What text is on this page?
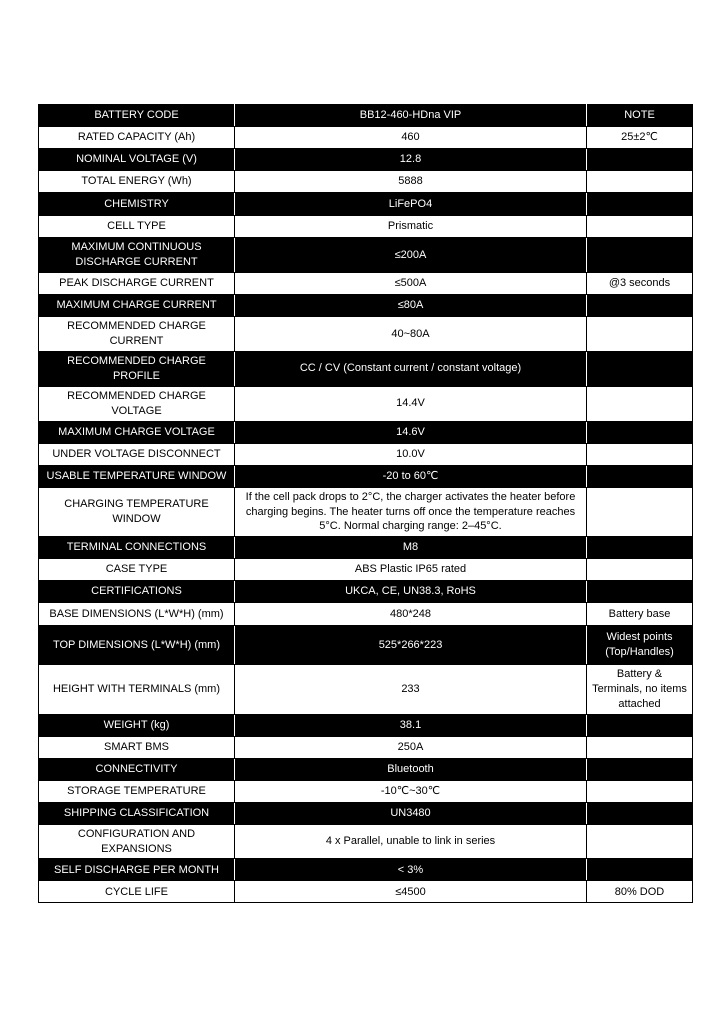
BATTERY CODE	BB12-460-HDna VIP	NOTE
RATED CAPACITY (Ah)	460	25±2℃
NOMINAL VOLTAGE (V)	12.8	
TOTAL ENERGY (Wh)	5888	
CHEMISTRY	LiFePO4	
CELL TYPE	Prismatic	
MAXIMUM CONTINUOUS DISCHARGE CURRENT	≤200A	
PEAK DISCHARGE CURRENT	≤500A	@3 seconds
MAXIMUM CHARGE CURRENT	≤80A	
RECOMMENDED CHARGE CURRENT	40~80A	
RECOMMENDED CHARGE PROFILE	CC / CV (Constant current / constant voltage)	
RECOMMENDED CHARGE VOLTAGE	14.4V	
MAXIMUM CHARGE VOLTAGE	14.6V	
UNDER VOLTAGE DISCONNECT	10.0V	
USABLE TEMPERATURE WINDOW	-20 to 60℃	
CHARGING TEMPERATURE WINDOW	If the cell pack drops to 2°C, the charger activates the heater before charging begins. The heater turns off once the temperature reaches 5°C. Normal charging range: 2–45°C.	
TERMINAL CONNECTIONS	M8	
CASE TYPE	ABS Plastic IP65 rated	
CERTIFICATIONS	UKCA, CE, UN38.3, RoHS	
BASE DIMENSIONS (L*W*H) (mm)	480*248	Battery base
TOP DIMENSIONS (L*W*H) (mm)	525*266*223	Widest points (Top/Handles)
HEIGHT WITH TERMINALS (mm)	233	Battery & Terminals, no items attached
WEIGHT (kg)	38.1	
SMART BMS	250A	
CONNECTIVITY	Bluetooth	
STORAGE TEMPERATURE	-10℃~30℃	
SHIPPING CLASSIFICATION	UN3480	
CONFIGURATION AND EXPANSIONS	4 x Parallel, unable to link in series	
SELF DISCHARGE PER MONTH	< 3%	
CYCLE LIFE	≤4500	80% DOD
